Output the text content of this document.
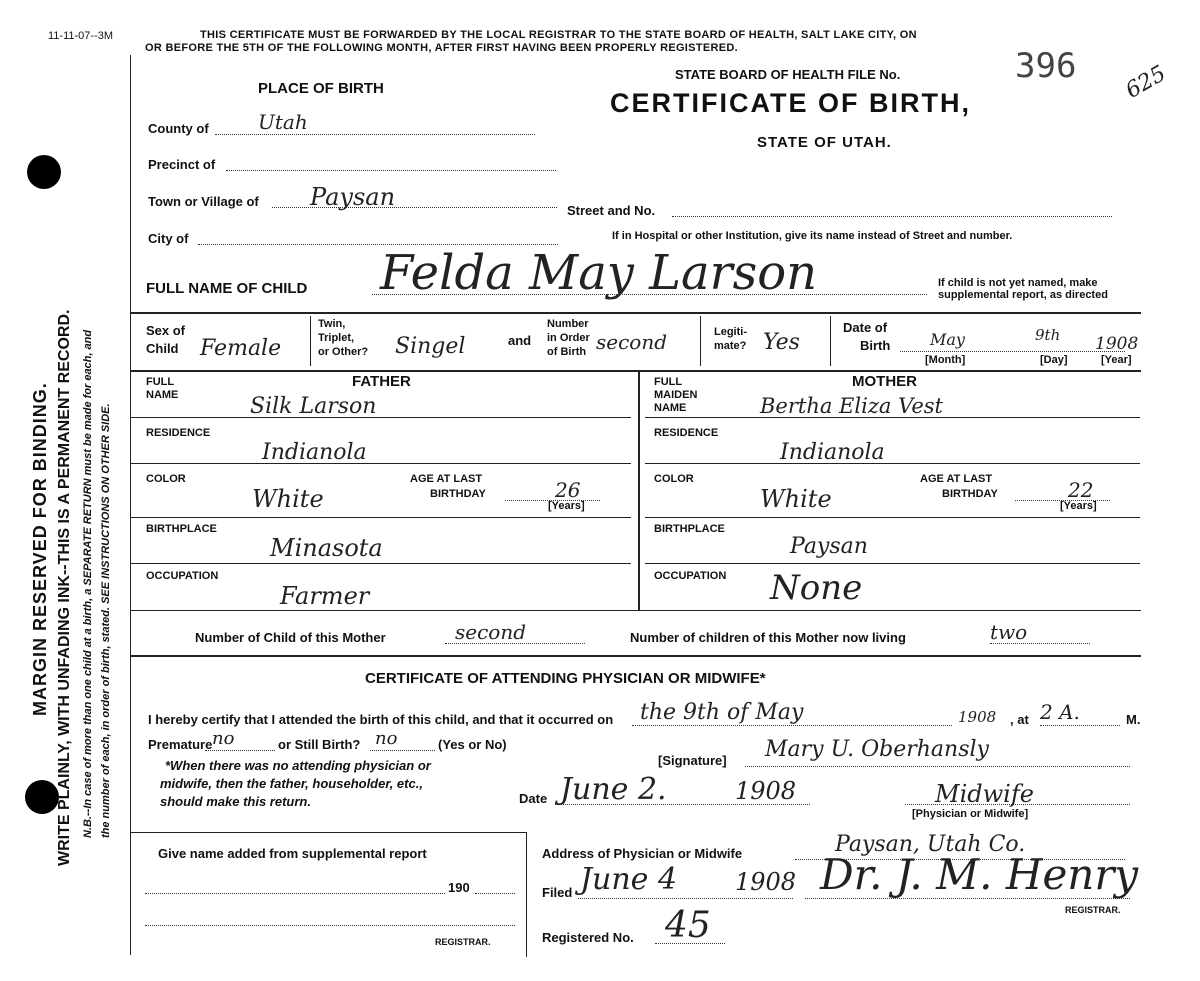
MARGIN RESERVED FOR BINDING. WRITE PLAINLY, WITH UNFADING INK--THIS IS A PERMANENT RECORD. N.B.--In case of more than one child at a birth, a SEPARATE RETURN must be made for each, and the number of each, in order of birth, stated. SEE INSTRUCTIONS ON OTHER SIDE.
11-11-07--3M	THIS CERTIFICATE MUST BE FORWARDED BY THE LOCAL REGISTRAR TO THE STATE BOARD OF HEALTH, SALT LAKE CITY, ON
OR BEFORE THE 5TH OF THE FOLLOWING MONTH, AFTER FIRST HAVING BEEN PROPERLY REGISTERED.
PLACE OF BIRTH
County of Utah
Precinct of
Town or Village of Paysan
City of
Street and No.
If in Hospital or other Institution, give its name instead of Street and number.
STATE BOARD OF HEALTH FILE No.	396 625
CERTIFICATE OF BIRTH,
STATE OF UTAH.
FULL NAME OF CHILD Felda May Larson	If child is not yet named, make
supplemental report, as directed
Sex of
Child Female
Twin,
Triplet,
or Other? Singel	and
Number
in Order
of Birth second	Legiti-
mate? Yes
Date of
Birth May	9th 1908
[Month]	[Day]	[Year]
FULL
NAME
FATHER
Silk Larson
RESIDENCE
Indianola
COLOR
White
AGE AT LAST
BIRTHDAY	26
[Years]
BIRTHPLACE
Minasota
OCCUPATION
Farmer
FULL
MAIDEN
NAME
MOTHER
Bertha Eliza Vest
RESIDENCE
Indianola
COLOR
White
AGE AT LAST
BIRTHDAY	22
[Years]
BIRTHPLACE
Paysan
OCCUPATION None
Number of Child of this Mother	second	Number of children of this Mother now living	two
CERTIFICATE OF ATTENDING PHYSICIAN OR MIDWIFE*
I hereby certify that I attended the birth of this child, and that it occurred on the 9th of May	1908 , at 2 A.	M.
Premature no	or Still Birth? no	(Yes or No)
*When there was no attending physician or
midwife, then the father, householder, etc.,
should make this return.
[Signature] Mary U. Oberhansly
Date June 2.	1908	Midwife
[Physician or Midwife]
Address of Physician or Midwife	Paysan, Utah Co.
Give name added from supplemental report
190
REGISTRAR.
Filed June 4 1908 Dr. J. M. Henry
REGISTRAR.
Registered No. 45
